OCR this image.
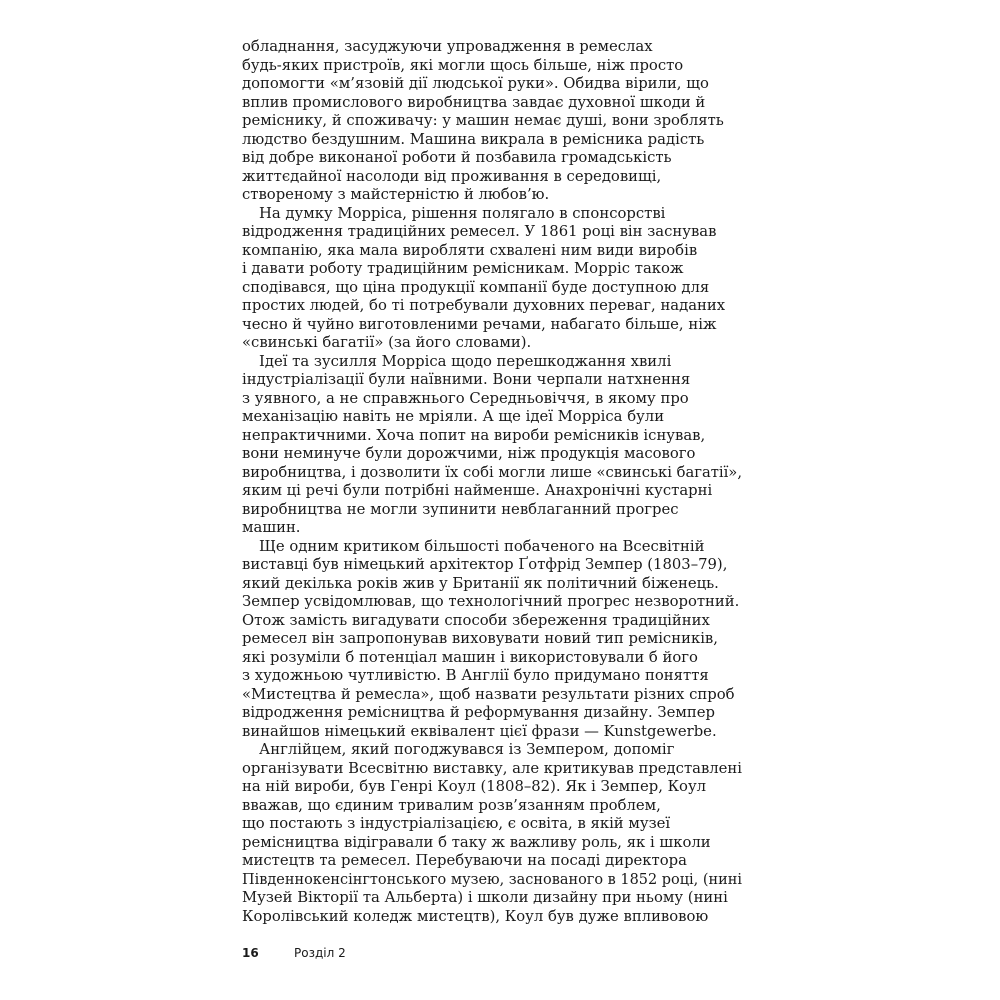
обладнання, засуджуючи упровадження в ремеслах
будь-яких пристроїв, які могли щось більше, ніж просто
допомогти «м’язовій дії людської руки». Обидва вірили, що
вплив промислового виробництва завдає духовної шкоди й
реміснику, й споживачу: у машин немає душі, вони зроблять
людство бездушним. Машина викрала в ремісника радість
від добре виконаної роботи й позбавила громадськість
життєдайної насолоди від проживання в середовищі,
створеному з майстерністю й любов’ю.
На думку Морріса, рішення полягало в спонсорстві
відродження традиційних ремесел. У 1861 році він заснував
компанію, яка мала виробляти схвалені ним види виробів
і давати роботу традиційним ремісникам. Морріс також
сподівався, що ціна продукції компанії буде доступною для
простих людей, бо ті потребували духовних переваг, наданих
чесно й чуйно виготовленими речами, набагато більше, ніж
«свинські багатії» (за його словами).
Ідеї та зусилля Морріса щодо перешкоджання хвилі
індустріалізації були наївними. Вони черпали натхнення
з уявного, а не справжнього Середньовіччя, в якому про
механізацію навіть не мріяли. А ще ідеї Морріса були
непрактичними. Хоча попит на вироби ремісників існував,
вони неминуче були дорожчими, ніж продукція масового
виробництва, і дозволити їх собі могли лише «свинські багатії»,
яким ці речі були потрібні найменше. Анахронічні кустарні
виробництва не могли зупинити невблаганний прогрес
машин.
Ще одним критиком більшості побаченого на Всесвітній
виставці був німецький архітектор Ґотфрід Земпер (1803–79),
який декілька років жив у Британії як політичний біженець.
Земпер усвідомлював, що технологічний прогрес незворотний.
Отож замість вигадувати способи збереження традиційних
ремесел він запропонував виховувати новий тип ремісників,
які розуміли б потенціал машин і використовували б його
з художньою чутливістю. В Англії було придумано поняття
«Мистецтва й ремесла», щоб назвати результати різних спроб
відродження ремісництва й реформування дизайну. Земпер
винайшов німецький еквівалент цієї фрази — Kunstgewerbe.
Англійцем, який погоджувався із Земпером, допоміг
організувати Всесвітню виставку, але критикував представлені
на ній вироби, був Генрі Коул (1808–82). Як і Земпер, Коул
вважав, що єдиним тривалим розв’язанням проблем,
що постають з індустріалізацією, є освіта, в якій музеї
ремісництва відігравали б таку ж важливу роль, як і школи
мистецтв та ремесел. Перебуваючи на посаді директора
Південнокенсінгтонського музею, заснованого в 1852 році, (нині
Музей Вікторії та Альберта) і школи дизайну при ньому (нині
Королівський коледж мистецтв), Коул був дуже впливовою
16	Розділ 2
